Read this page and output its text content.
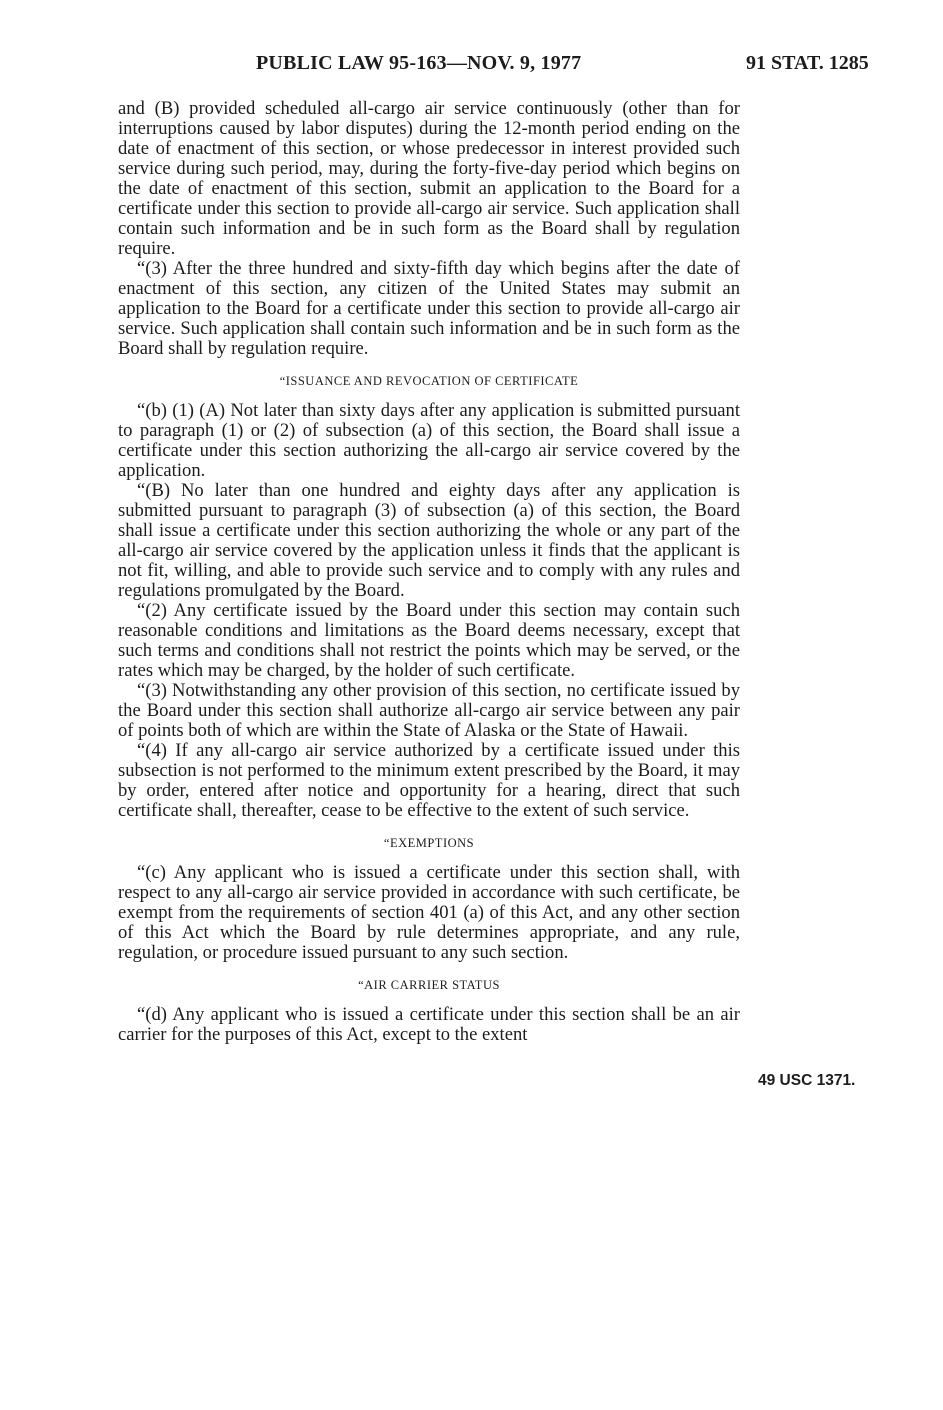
PUBLIC LAW 95-163—NOV. 9, 1977	91 STAT. 1285

and (B) provided scheduled all-cargo air service continuously (other than for interruptions caused by labor disputes) during the 12-month period ending on the date of enactment of this section, or whose predecessor in interest provided such service during such period, may, during the forty-five-day period which begins on the date of enactment of this section, submit an application to the Board for a certificate under this section to provide all-cargo air service. Such application shall contain such information and be in such form as the Board shall by regulation require.

“(3) After the three hundred and sixty-fifth day which begins after the date of enactment of this section, any citizen of the United States may submit an application to the Board for a certificate under this section to provide all-cargo air service. Such application shall contain such information and be in such form as the Board shall by regulation require.

“ISSUANCE AND REVOCATION OF CERTIFICATE

“(b) (1) (A) Not later than sixty days after any application is submitted pursuant to paragraph (1) or (2) of subsection (a) of this section, the Board shall issue a certificate under this section authorizing the all-cargo air service covered by the application.

“(B) No later than one hundred and eighty days after any application is submitted pursuant to paragraph (3) of subsection (a) of this section, the Board shall issue a certificate under this section authorizing the whole or any part of the all-cargo air service covered by the application unless it finds that the applicant is not fit, willing, and able to provide such service and to comply with any rules and regulations promulgated by the Board.

“(2) Any certificate issued by the Board under this section may contain such reasonable conditions and limitations as the Board deems necessary, except that such terms and conditions shall not restrict the points which may be served, or the rates which may be charged, by the holder of such certificate.

“(3) Notwithstanding any other provision of this section, no certificate issued by the Board under this section shall authorize all-cargo air service between any pair of points both of which are within the State of Alaska or the State of Hawaii.

“(4) If any all-cargo air service authorized by a certificate issued under this subsection is not performed to the minimum extent prescribed by the Board, it may by order, entered after notice and opportunity for a hearing, direct that such certificate shall, thereafter, cease to be effective to the extent of such service.

“EXEMPTIONS

“(c) Any applicant who is issued a certificate under this section shall, with respect to any all-cargo air service provided in accordance with such certificate, be exempt from the requirements of section 401 (a) of this Act, and any other section of this Act which the Board by rule determines appropriate, and any rule, regulation, or procedure issued pursuant to any such section.

“AIR CARRIER STATUS

“(d) Any applicant who is issued a certificate under this section shall be an air carrier for the purposes of this Act, except to the extent

49 USC 1371.
